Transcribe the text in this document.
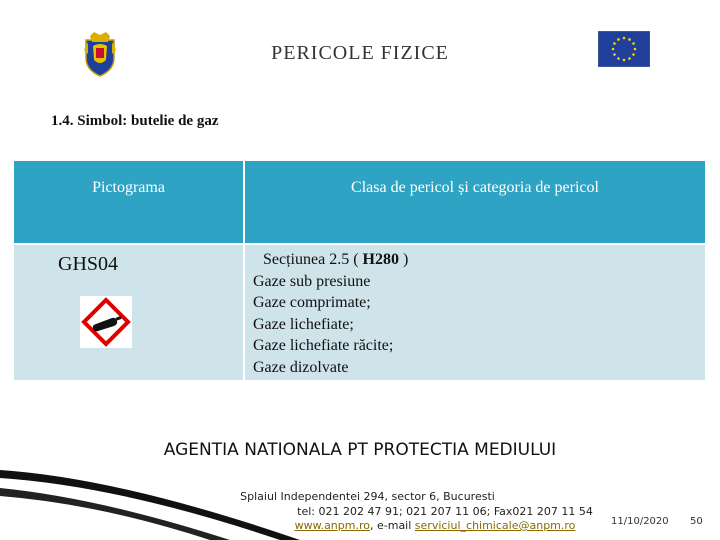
PERICOLE FIZICE
1.4. Simbol: butelie de gaz
Pictograma	Clasa de pericol și categoria de pericol
GHS04	Secțiunea 2.5 ( H280 )
Gaze sub presiune
Gaze comprimate;
Gaze lichefiate;
Gaze lichefiate răcite;
Gaze dizolvate
AGENTIA NATIONALA PT PROTECTIA MEDIULUI
Splaiul Independentei 294, sector 6, Bucuresti
tel: 021 202 47 91; 021 207 11 06; Fax021 207 11 54
www.anpm.ro, e-mail serviciul_chimicale@anpm.ro	11/10/2020 50
